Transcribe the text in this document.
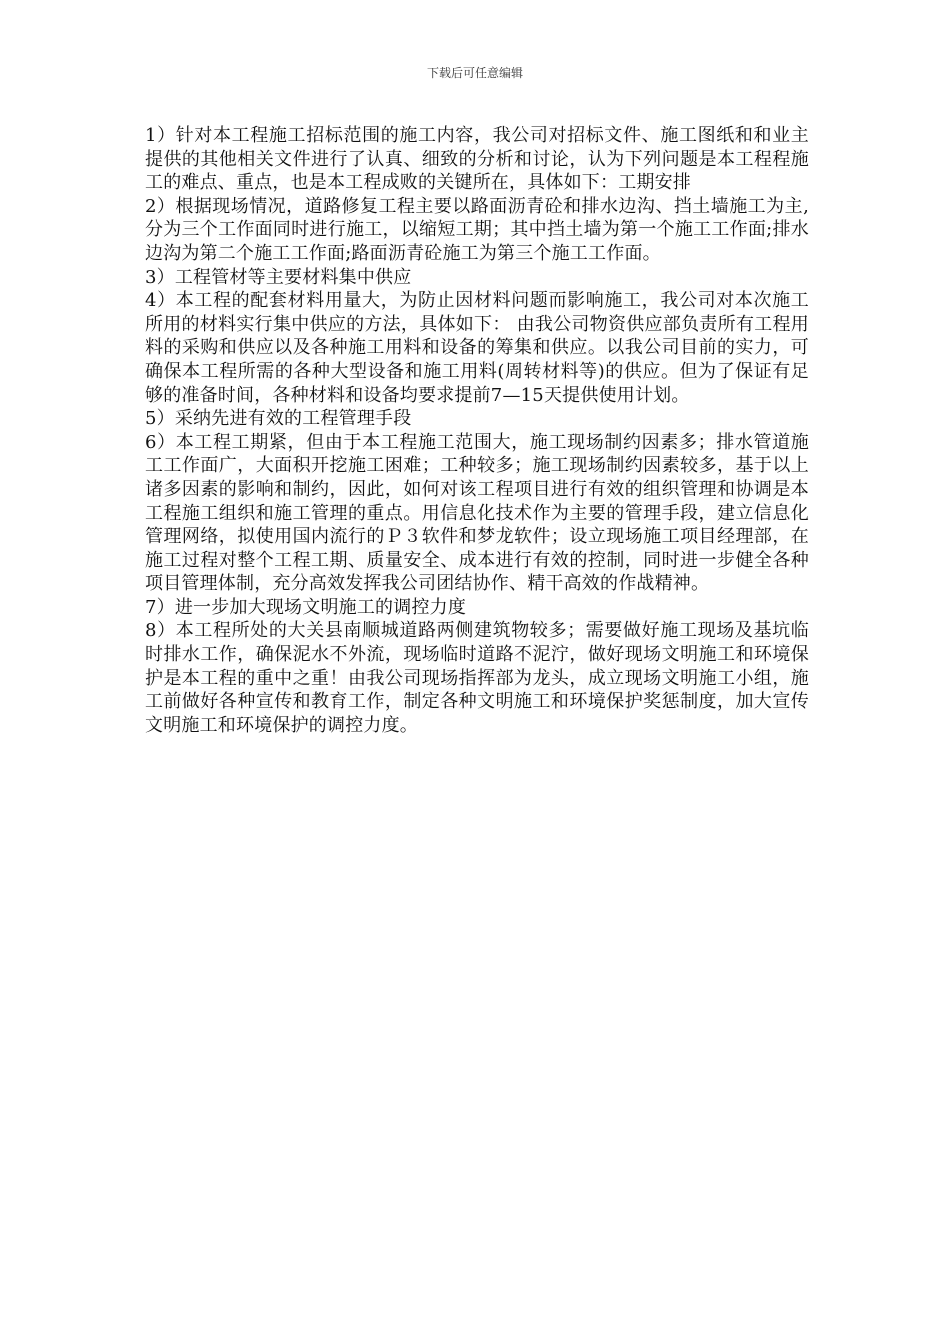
下载后可任意编辑

1）针对本工程施工招标范围的施工内容，我公司对招标文件、施工图纸和和业主提供的其他相关文件进行了认真、细致的分析和讨论，认为下列问题是本工程程施工的难点、重点，也是本工程成败的关键所在，具体如下：工期安排

2）根据现场情况，道路修复工程主要以路面沥青砼和排水边沟、挡土墙施工为主,分为三个工作面同时进行施工，以缩短工期；其中挡土墙为第一个施工工作面;排水边沟为第二个施工工作面;路面沥青砼施工为第三个施工工作面。

3）工程管材等主要材料集中供应

4）本工程的配套材料用量大，为防止因材料问题而影响施工，我公司对本次施工所用的材料实行集中供应的方法，具体如下： 由我公司物资供应部负责所有工程用料的采购和供应以及各种施工用料和设备的筹集和供应。以我公司目前的实力，可确保本工程所需的各种大型设备和施工用料(周转材料等)的供应。但为了保证有足够的准备时间，各种材料和设备均要求提前7—15天提供使用计划。

5）采纳先进有效的工程管理手段

6）本工程工期紧，但由于本工程施工范围大，施工现场制约因素多；排水管道施工工作面广，大面积开挖施工困难；工种较多；施工现场制约因素较多，基于以上诸多因素的影响和制约，因此，如何对该工程项目进行有效的组织管理和协调是本工程施工组织和施工管理的重点。用信息化技术作为主要的管理手段，建立信息化管理网络，拟使用国内流行的Ｐ３软件和梦龙软件；设立现场施工项目经理部，在施工过程对整个工程工期、质量安全、成本进行有效的控制，同时进一步健全各种项目管理体制，充分高效发挥我公司团结协作、精干高效的作战精神。

7）进一步加大现场文明施工的调控力度

8）本工程所处的大关县南顺城道路两侧建筑物较多；需要做好施工现场及基坑临时排水工作，确保泥水不外流，现场临时道路不泥泞，做好现场文明施工和环境保护是本工程的重中之重！由我公司现场指挥部为龙头，成立现场文明施工小组，施工前做好各种宣传和教育工作，制定各种文明施工和环境保护奖惩制度，加大宣传文明施工和环境保护的调控力度。
